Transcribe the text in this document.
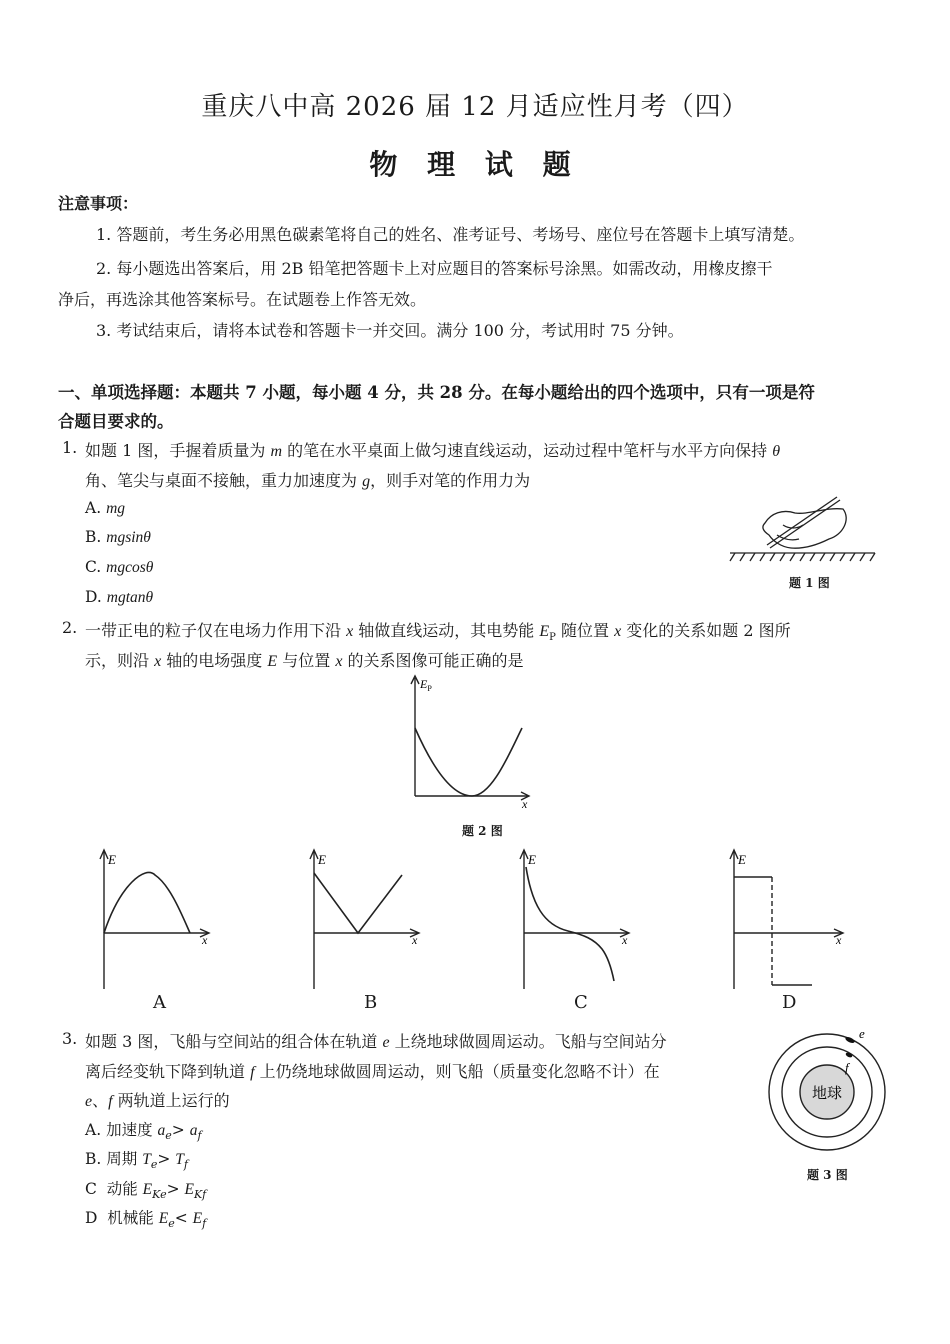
重庆八中高 2026 届 12 月适应性月考（四）
物 理 试 题
注意事项：
1. 答题前，考生务必用黑色碳素笔将自己的姓名、准考证号、考场号、座位号在答题卡上填写清楚。
2. 每小题选出答案后，用 2B 铅笔把答题卡上对应题目的答案标号涂黑。如需改动，用橡皮擦干
净后，再选涂其他答案标号。在试题卷上作答无效。
3. 考试结束后，请将本试卷和答题卡一并交回。满分 100 分，考试用时 75 分钟。
一、单项选择题：本题共 7 小题，每小题 4 分，共 28 分。在每小题给出的四个选项中，只有一项是符
合题目要求的。
1. 如题 1 图，手握着质量为 m 的笔在水平桌面上做匀速直线运动，运动过程中笔杆与水平方向保持 θ
角、笔尖与桌面不接触，重力加速度为 g，则手对笔的作用力为
A. mg
B. mgsinθ
C. mgcosθ
D. mgtanθ
题 1 图
2. 一带正电的粒子仅在电场力作用下沿 x 轴做直线运动，其电势能 $E_P$ 随位置 x 变化的关系如题 2 图所
示，则沿 x 轴的电场强度 E 与位置 x 的关系图像可能正确的是
$E_P$
x
题 2 图
E
x
A
E
x
B
E
x
C
E
x
D
3. 如题 3 图，飞船与空间站的组合体在轨道 e 上绕地球做圆周运动。飞船与空间站分
离后经变轨下降到轨道 f 上仍绕地球做圆周运动，则飞船（质量变化忽略不计）在
e、f 两轨道上运行的
A. 加速度 $a_e> a_f$
B. 周期 $T_e> T_f$
C 动能 $E_{Ke}> E_{Kf}$
D 机械能 $E_e< E_f$
地球
e
f
题 3 图
